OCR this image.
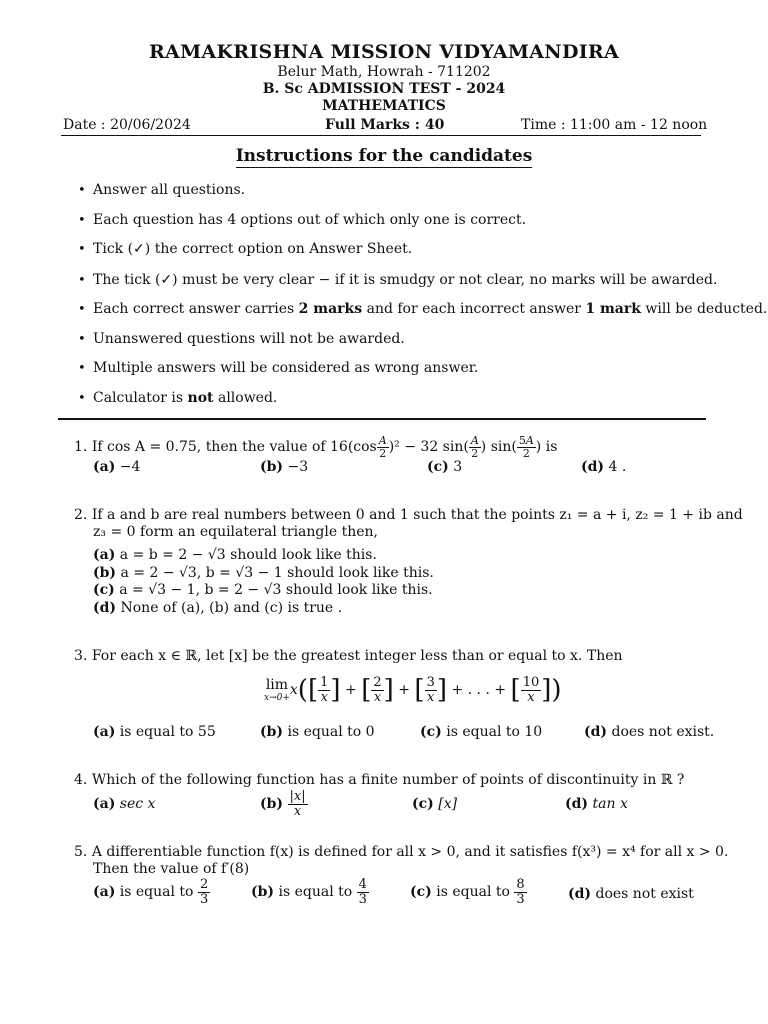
RAMAKRISHNA MISSION VIDYAMANDIRA
Belur Math, Howrah - 711202
B. Sc ADMISSION TEST - 2024
MATHEMATICS
Date : 20/06/2024	Full Marks : 40	Time : 11:00 am - 12 noon
Instructions for the candidates
• Answer all questions.
• Each question has 4 options out of which only one is correct.
• Tick (✓) the correct option on Answer Sheet.
• The tick (✓) must be very clear − if it is smudgy or not clear, no marks will be awarded.
• Each correct answer carries 2 marks and for each incorrect answer 1 mark will be deducted.
• Unanswered questions will not be awarded.
• Multiple answers will be considered as wrong answer.
• Calculator is not allowed.
1. If cos A = 0.75, then the value of $16(\cos \frac{A}{2} )^2 - 32$ $\sin( \frac{A}{2}$ ) $\sin( \frac{5A}{2}$ ) is
(a) −4	(b) −3	(c) 3	(d) 4 .
2. If a and b are real numbers between 0 and 1 such that the points z₁ = a + i, z₂ = 1 + ib and
z₃ = 0 form an equilateral triangle then,
(a) a = b = 2 − √3 should look like this.
(b) a = 2 − √3, b = √3 − 1 should look like this.
(c) a = √3 − 1, b = 2 − √3 should look like this.
(d) None of (a), (b) and (c) is true .
3. For each x ∈ ℝ, let [x] be the greatest integer less than or equal to x. Then
lim
$x\to 0+ x([ \frac{1}{x}$ ] + [ $\frac{2}{x}$ ] + [ $\frac{3}{x}$ ] + . . . + [ $\frac{10}{x}$ ])
(a) is equal to 55	(b) is equal to 0	(c) is equal to 10	(d) does not exist.
4. Which of the following function has a finite number of points of discontinuity in ℝ ?
(a) sec x	$(b) \frac{|x|}{x}$	(c) [x]	(d) tan x
5. A differentiable function f(x) is defined for all x > 0, and it satisfies f(x³) = x⁴ for all x > 0.
Then the value of f′(8)
(a) is equal to $\frac{2}{3}$	(b) is equal to $\frac{4}{3}$	(c) is equal to $\frac{8}{3}$	(d) does not exist
